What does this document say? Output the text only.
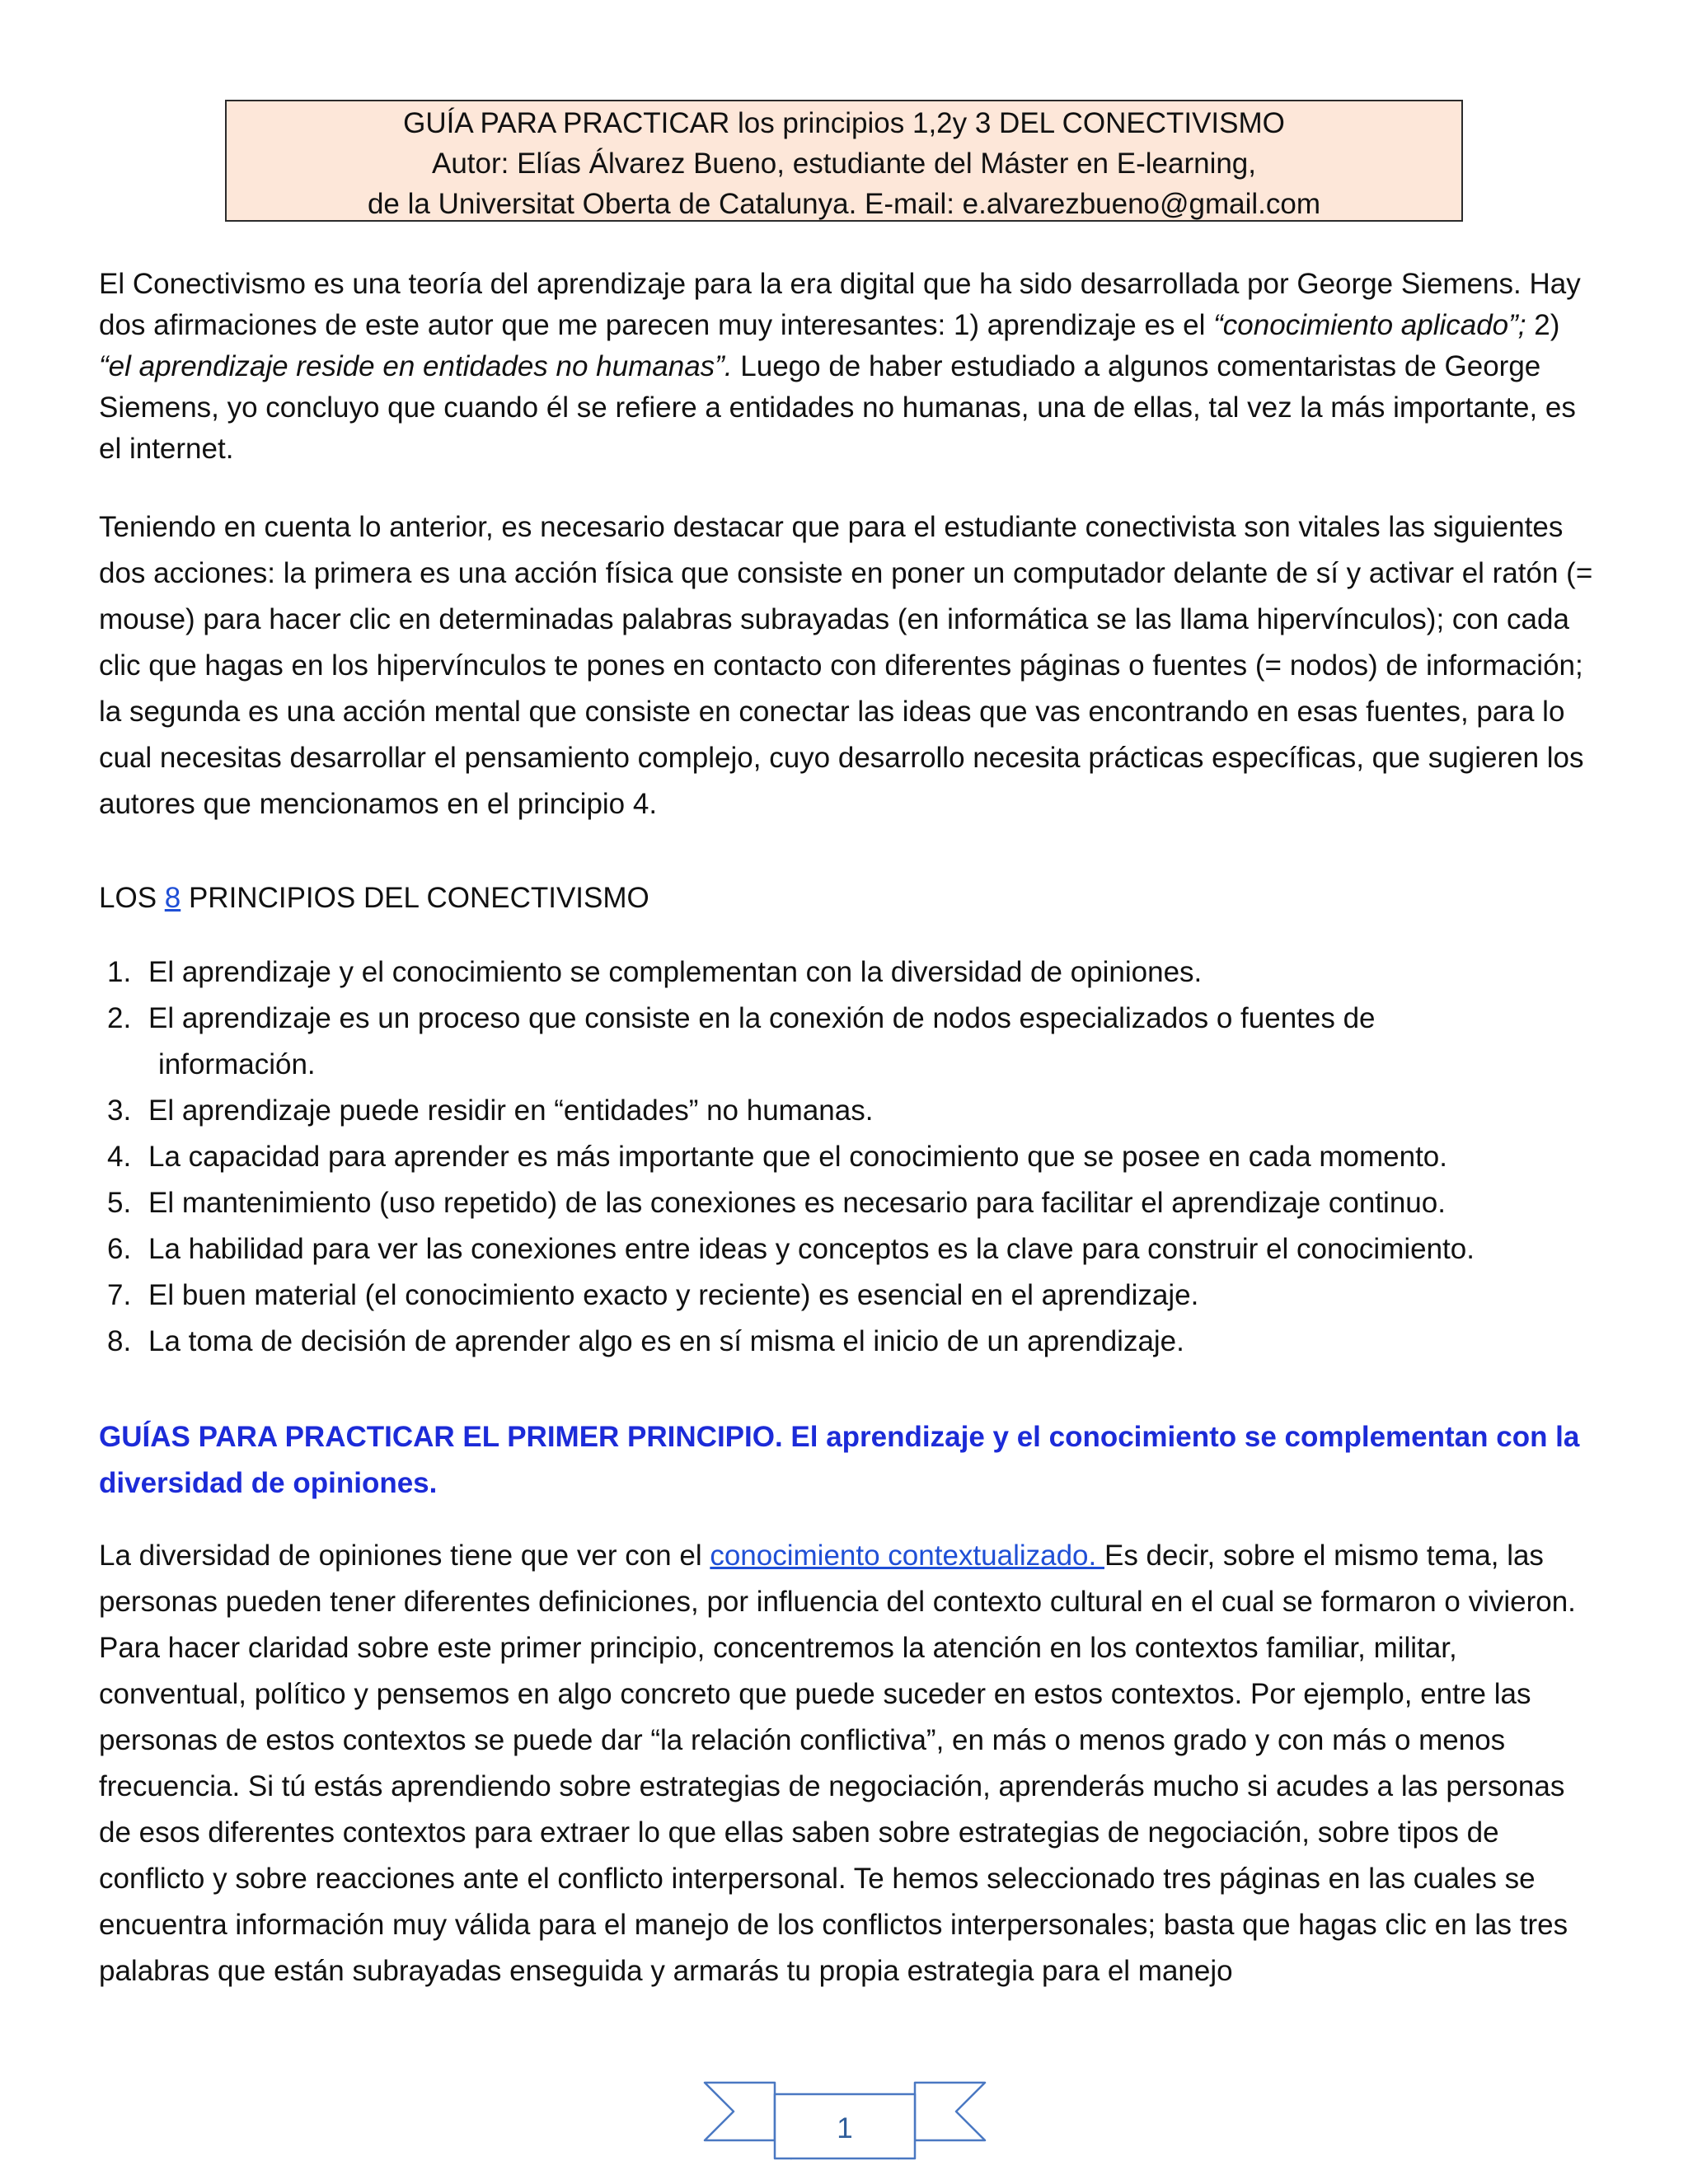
GUÍA PARA PRACTICAR los principios 1,2y 3 DEL CONECTIVISMO
Autor: Elías Álvarez Bueno, estudiante del Máster en E-learning,
de la Universitat Oberta de Catalunya. E-mail: e.alvarezbueno@gmail.com

El Conectivismo es una teoría del aprendizaje para la era digital que ha sido desarrollada por George Siemens. Hay dos afirmaciones de este autor que me parecen muy interesantes: 1) aprendizaje es el “conocimiento aplicado”; 2) “el aprendizaje reside en entidades no humanas”. Luego de haber estudiado a algunos comentaristas de George Siemens, yo concluyo que cuando él se refiere a entidades no humanas, una de ellas, tal vez la más importante, es el internet.

Teniendo en cuenta lo anterior, es necesario destacar que para el estudiante conectivista son vitales las siguientes dos acciones: la primera es una acción física que consiste en poner un computador delante de sí y activar el ratón (= mouse) para hacer clic en determinadas palabras subrayadas (en informática se las llama hipervínculos); con cada clic que hagas en los hipervínculos te pones en contacto con diferentes páginas o fuentes (= nodos) de información; la segunda es una acción mental que consiste en conectar las ideas que vas encontrando en esas fuentes, para lo cual necesitas desarrollar el pensamiento complejo, cuyo desarrollo necesita prácticas específicas, que sugieren los autores que mencionamos en el principio 4.

LOS 8 PRINCIPIOS DEL CONECTIVISMO
1. El aprendizaje y el conocimiento se complementan con la diversidad de opiniones.
2. El aprendizaje es un proceso que consiste en la conexión de nodos especializados o fuentes de
información.
3. El aprendizaje puede residir en “entidades” no humanas.
4. La capacidad para aprender es más importante que el conocimiento que se posee en cada momento.
5. El mantenimiento (uso repetido) de las conexiones es necesario para facilitar el aprendizaje continuo.
6. La habilidad para ver las conexiones entre ideas y conceptos es la clave para construir el conocimiento.
7. El buen material (el conocimiento exacto y reciente) es esencial en el aprendizaje.
8. La toma de decisión de aprender algo es en sí misma el inicio de un aprendizaje.
GUÍAS PARA PRACTICAR EL PRIMER PRINCIPIO. El aprendizaje y el conocimiento se complementan con la diversidad de opiniones.

La diversidad de opiniones tiene que ver con el conocimiento contextualizado. Es decir, sobre el mismo tema, las personas pueden tener diferentes definiciones, por influencia del contexto cultural en el cual se formaron o vivieron. Para hacer claridad sobre este primer principio, concentremos la atención en los contextos familiar, militar, conventual, político y pensemos en algo concreto que puede suceder en estos contextos. Por ejemplo, entre las personas de estos contextos se puede dar “la relación conflictiva”, en más o menos grado y con más o menos frecuencia. Si tú estás aprendiendo sobre estrategias de negociación, aprenderás mucho si acudes a las personas de esos diferentes contextos para extraer lo que ellas saben sobre estrategias de negociación, sobre tipos de conflicto y sobre reacciones ante el conflicto interpersonal. Te hemos seleccionado tres páginas en las cuales se encuentra información muy válida para el manejo de los conflictos interpersonales; basta que hagas clic en las tres palabras que están subrayadas enseguida y armarás tu propia estrategia para el manejo

1
